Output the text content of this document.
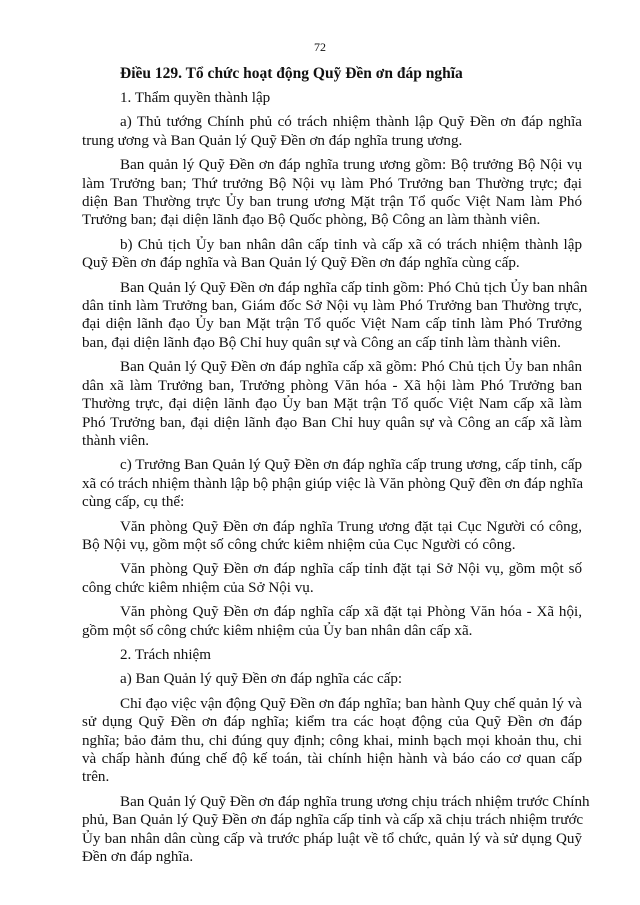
72
Điều 129. Tổ chức hoạt động Quỹ Đền ơn đáp nghĩa
1. Thẩm quyền thành lập
a) Thủ tướng Chính phủ có trách nhiệm thành lập Quỹ Đền ơn đáp nghĩa
trung ương và Ban Quản lý Quỹ Đền ơn đáp nghĩa trung ương.
Ban quản lý Quỹ Đền ơn đáp nghĩa trung ương gồm: Bộ trưởng Bộ Nội vụ
làm Trưởng ban; Thứ trưởng Bộ Nội vụ làm Phó Trưởng ban Thường trực; đại
diện Ban Thường trực Ủy ban trung ương Mặt trận Tổ quốc Việt Nam làm Phó
Trưởng ban; đại diện lãnh đạo Bộ Quốc phòng, Bộ Công an làm thành viên.
b) Chủ tịch Ủy ban nhân dân cấp tỉnh và cấp xã có trách nhiệm thành lập
Quỹ Đền ơn đáp nghĩa và Ban Quản lý Quỹ Đền ơn đáp nghĩa cùng cấp.
Ban Quản lý Quỹ Đền ơn đáp nghĩa cấp tỉnh gồm: Phó Chủ tịch Ủy ban nhân
dân tỉnh làm Trưởng ban, Giám đốc Sở Nội vụ làm Phó Trưởng ban Thường trực,
đại diện lãnh đạo Ủy ban Mặt trận Tổ quốc Việt Nam cấp tỉnh làm Phó Trưởng
ban, đại diện lãnh đạo Bộ Chỉ huy quân sự và Công an cấp tỉnh làm thành viên.
Ban Quản lý Quỹ Đền ơn đáp nghĩa cấp xã gồm: Phó Chủ tịch Ủy ban nhân
dân xã làm Trưởng ban, Trưởng phòng Văn hóa - Xã hội làm Phó Trưởng ban
Thường trực, đại diện lãnh đạo Ủy ban Mặt trận Tổ quốc Việt Nam cấp xã làm
Phó Trưởng ban, đại diện lãnh đạo Ban Chỉ huy quân sự và Công an cấp xã làm
thành viên.
c) Trưởng Ban Quản lý Quỹ Đền ơn đáp nghĩa cấp trung ương, cấp tỉnh, cấp
xã có trách nhiệm thành lập bộ phận giúp việc là Văn phòng Quỹ đền ơn đáp nghĩa
cùng cấp, cụ thể:
Văn phòng Quỹ Đền ơn đáp nghĩa Trung ương đặt tại Cục Người có công,
Bộ Nội vụ, gồm một số công chức kiêm nhiệm của Cục Người có công.
Văn phòng Quỹ Đền ơn đáp nghĩa cấp tỉnh đặt tại Sở Nội vụ, gồm một số
công chức kiêm nhiệm của Sở Nội vụ.
Văn phòng Quỹ Đền ơn đáp nghĩa cấp xã đặt tại Phòng Văn hóa - Xã hội,
gồm một số công chức kiêm nhiệm của Ủy ban nhân dân cấp xã.
2. Trách nhiệm
a) Ban Quản lý quỹ Đền ơn đáp nghĩa các cấp:
Chỉ đạo việc vận động Quỹ Đền ơn đáp nghĩa; ban hành Quy chế quản lý và
sử dụng Quỹ Đền ơn đáp nghĩa; kiểm tra các hoạt động của Quỹ Đền ơn đáp
nghĩa; bảo đảm thu, chi đúng quy định; công khai, minh bạch mọi khoản thu, chi
và chấp hành đúng chế độ kế toán, tài chính hiện hành và báo cáo cơ quan cấp
trên.
Ban Quản lý Quỹ Đền ơn đáp nghĩa trung ương chịu trách nhiệm trước Chính
phủ, Ban Quản lý Quỹ Đền ơn đáp nghĩa cấp tỉnh và cấp xã chịu trách nhiệm trước
Ủy ban nhân dân cùng cấp và trước pháp luật về tổ chức, quản lý và sử dụng Quỹ
Đền ơn đáp nghĩa.
